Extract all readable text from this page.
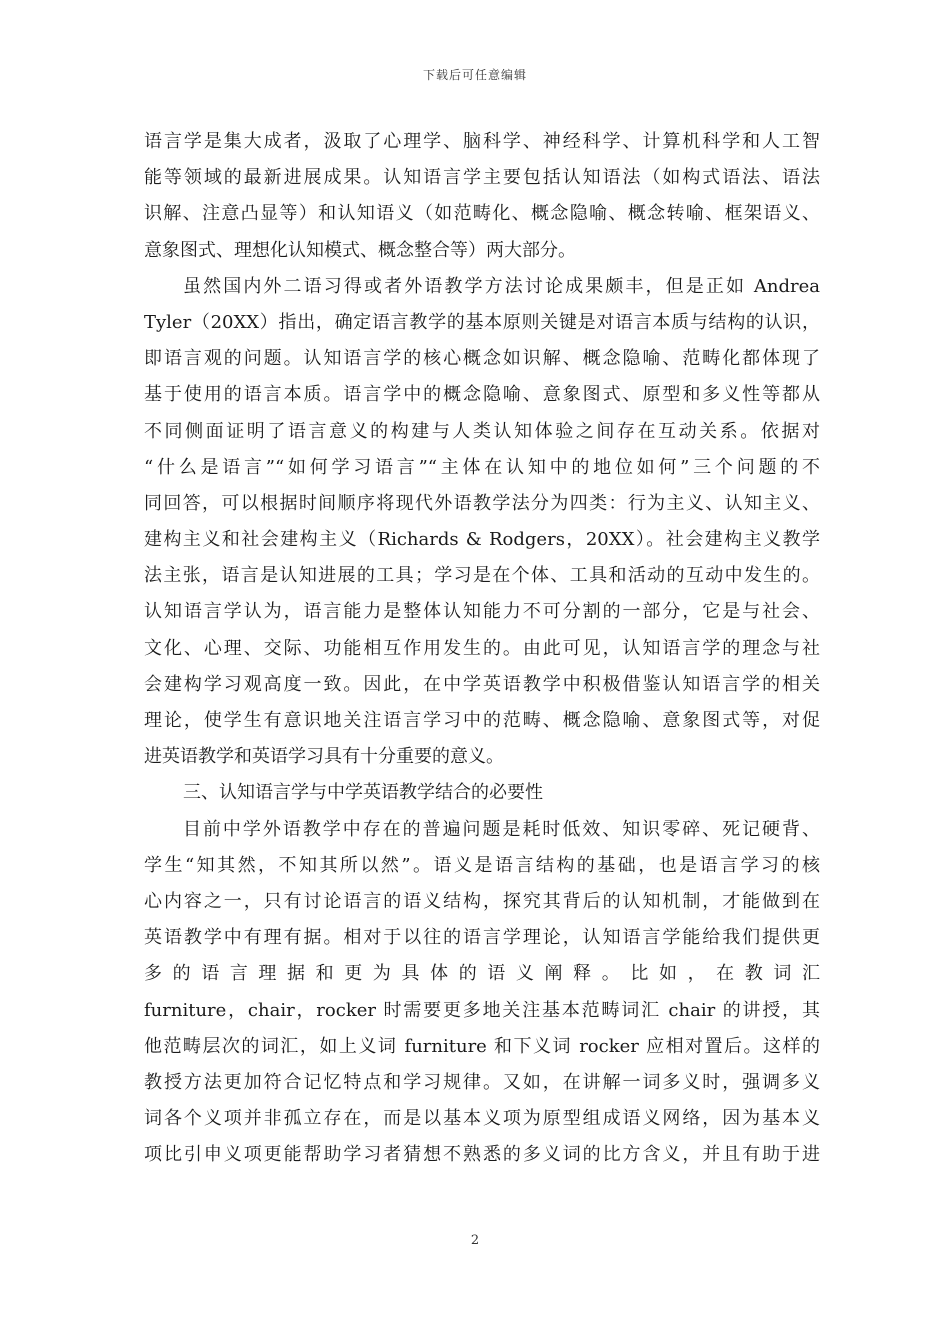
下载后可任意编辑
语言学是集大成者，汲取了心理学、脑科学、神经科学、计算机科学和人工智
能等领域的最新进展成果。认知语言学主要包括认知语法（如构式语法、语法
识解、注意凸显等）和认知语义（如范畴化、概念隐喻、概念转喻、框架语义、
意象图式、理想化认知模式、概念整合等）两大部分。
虽然国内外二语习得或者外语教学方法讨论成果颇丰，但是正如 Andrea
Tyler（20XX）指出，确定语言教学的基本原则关键是对语言本质与结构的认识，
即语言观的问题。认知语言学的核心概念如识解、概念隐喻、范畴化都体现了
基于使用的语言本质。语言学中的概念隐喻、意象图式、原型和多义性等都从
不同侧面证明了语言意义的构建与人类认知体验之间存在互动关系。依据对
“什么是语言”“如何学习语言”“主体在认知中的地位如何”三个问题的不
同回答，可以根据时间顺序将现代外语教学法分为四类：行为主义、认知主义、
建构主义和社会建构主义（Richards & Rodgers，20XX）。社会建构主义教学
法主张，语言是认知进展的工具；学习是在个体、工具和活动的互动中发生的。
认知语言学认为，语言能力是整体认知能力不可分割的一部分，它是与社会、
文化、心理、交际、功能相互作用发生的。由此可见，认知语言学的理念与社
会建构学习观高度一致。因此，在中学英语教学中积极借鉴认知语言学的相关
理论，使学生有意识地关注语言学习中的范畴、概念隐喻、意象图式等，对促
进英语教学和英语学习具有十分重要的意义。
三、认知语言学与中学英语教学结合的必要性
目前中学外语教学中存在的普遍问题是耗时低效、知识零碎、死记硬背、
学生“知其然，不知其所以然”。语义是语言结构的基础，也是语言学习的核
心内容之一，只有讨论语言的语义结构，探究其背后的认知机制，才能做到在
英语教学中有理有据。相对于以往的语言学理论，认知语言学能给我们提供更
多的语言理据和更为具体的语义阐释。比如，在教词汇
furniture，chair，rocker 时需要更多地关注基本范畴词汇 chair 的讲授，其
他范畴层次的词汇，如上义词 furniture 和下义词 rocker 应相对置后。这样的
教授方法更加符合记忆特点和学习规律。又如，在讲解一词多义时，强调多义
词各个义项并非孤立存在，而是以基本义项为原型组成语义网络，因为基本义
项比引申义项更能帮助学习者猜想不熟悉的多义词的比方含义，并且有助于进
2
